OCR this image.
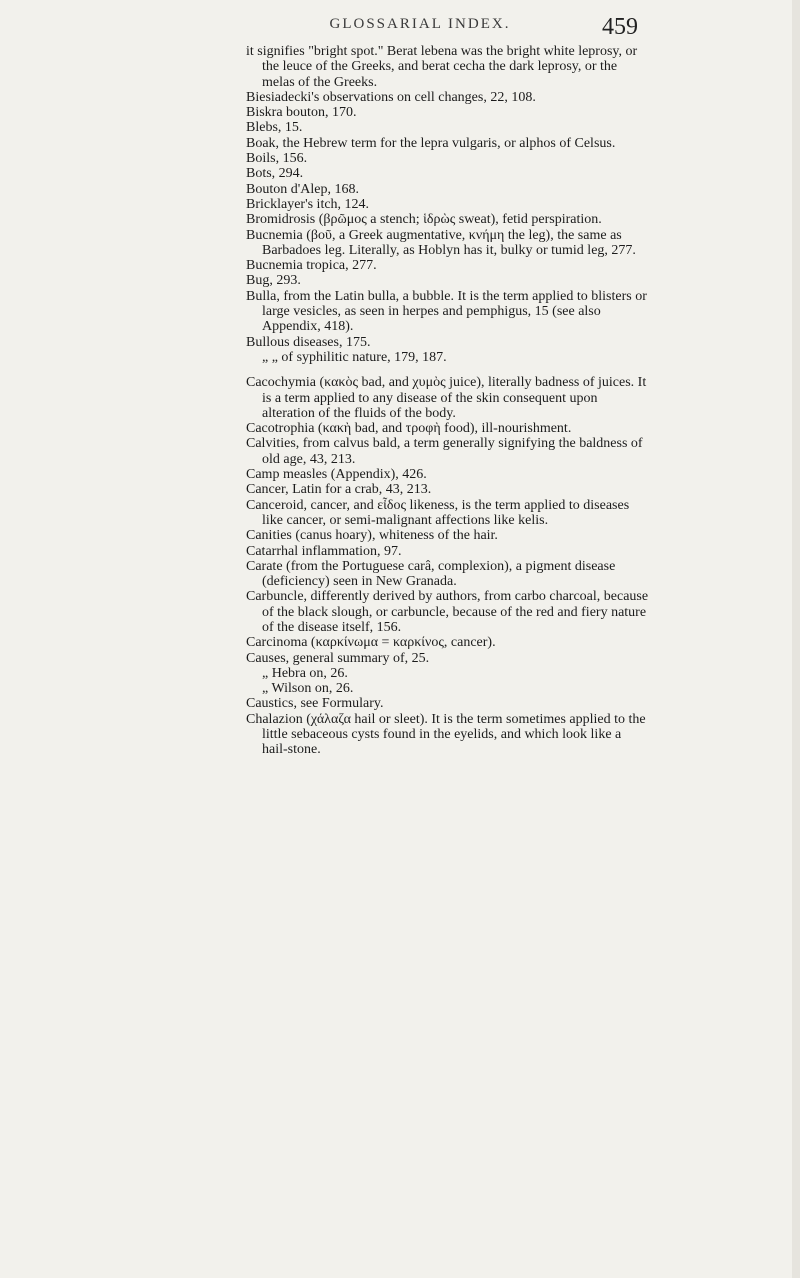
GLOSSARIAL INDEX.	459

it signifies "bright spot." Berat lebena was the bright white leprosy, or the leuce of the Greeks, and berat cecha the dark leprosy, or the melas of the Greeks.

Biesiadecki's observations on cell changes, 22, 108.

Biskra bouton, 170.

Blebs, 15.

Boak, the Hebrew term for the lepra vulgaris, or alphos of Celsus.

Boils, 156.

Bots, 294.

Bouton d'Alep, 168.

Bricklayer's itch, 124.

Bromidrosis (βρῶμος a stench; ἱδρὼς sweat), fetid perspiration.

Bucnemia (βοῦ, a Greek augmentative, κνήμη the leg), the same as Barbadoes leg. Literally, as Hoblyn has it, bulky or tumid leg, 277.

Bucnemia tropica, 277.

Bug, 293.

Bulla, from the Latin bulla, a bubble. It is the term applied to blisters or large vesicles, as seen in herpes and pemphigus, 15 (see also Appendix, 418).

Bullous diseases, 175.

„ „ of syphilitic nature, 179, 187.

Cacochymia (κακὸς bad, and χυμὸς juice), literally badness of juices. It is a term applied to any disease of the skin consequent upon alteration of the fluids of the body.

Cacotrophia (κακὴ bad, and τροφὴ food), ill-nourishment.

Calvities, from calvus bald, a term generally signifying the baldness of old age, 43, 213.

Camp measles (Appendix), 426.

Cancer, Latin for a crab, 43, 213.

Canceroid, cancer, and εἶδος likeness, is the term applied to diseases like cancer, or semi-malignant affections like kelis.

Canities (canus hoary), whiteness of the hair.

Catarrhal inflammation, 97.

Carate (from the Portuguese carâ, complexion), a pigment disease (deficiency) seen in New Granada.

Carbuncle, differently derived by authors, from carbo charcoal, because of the black slough, or carbuncle, because of the red and fiery nature of the disease itself, 156.

Carcinoma (καρκίνωμα = καρκίνος, cancer).

Causes, general summary of, 25.

„ Hebra on, 26.

„ Wilson on, 26.

Caustics, see Formulary.

Chalazion (χάλαζα hail or sleet). It is the term sometimes applied to the little sebaceous cysts found in the eyelids, and which look like a hail-stone.
